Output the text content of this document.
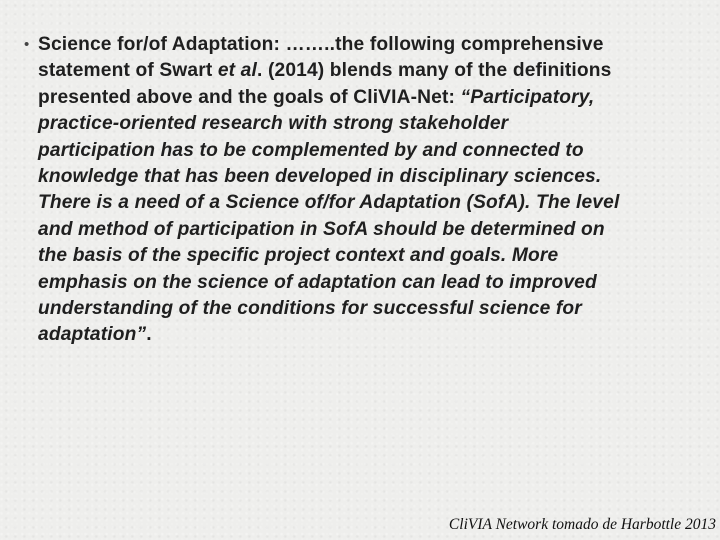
• Science for/of Adaptation: ……..the following comprehensive
statement of Swart et al. (2014) blends many of the definitions
presented above and the goals of CliVIA-Net: “Participatory,
practice-oriented research with strong stakeholder
participation has to be complemented by and connected to
knowledge that has been developed in disciplinary sciences.
There is a need of a Science of/for Adaptation (SofA). The level
and method of participation in SofA should be determined on
the basis of the specific project context and goals. More
emphasis on the science of adaptation can lead to improved
understanding of the conditions for successful science for
adaptation”.
CliVIA Network tomado de Harbottle 2013
